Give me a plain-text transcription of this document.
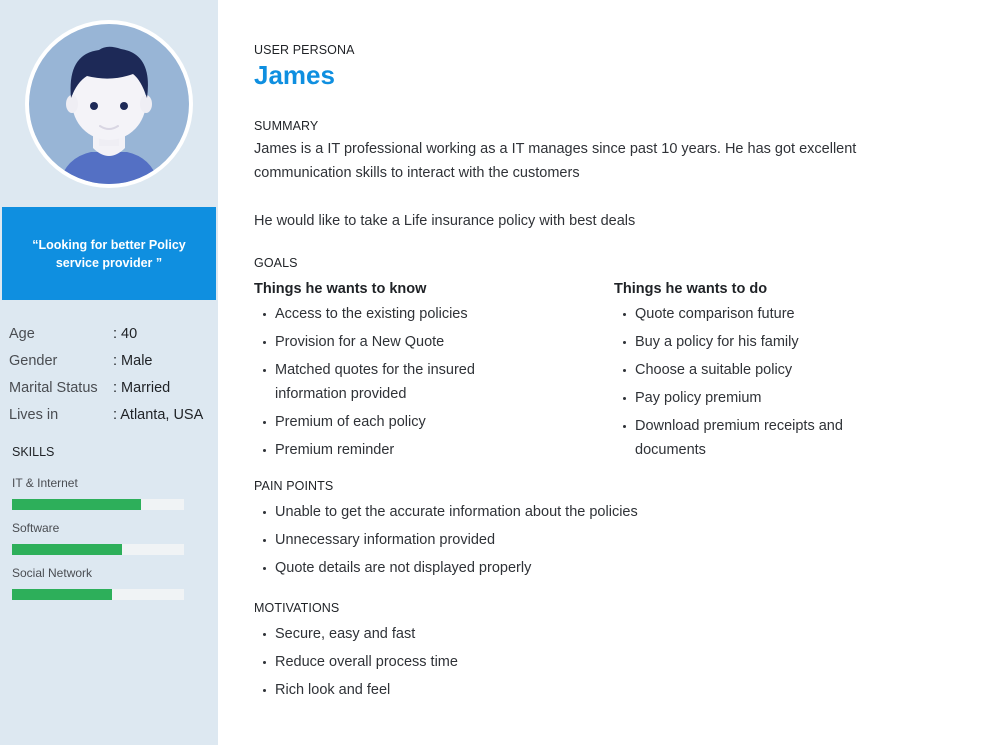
“Looking for better Policy service provider ”
Age	: 40
Gender	: Male
Marital Status	: Married
Lives in	: Atlanta, USA
SKILLS
IT & Internet
Software
Social Network
USER PERSONA
James
SUMMARY
James is a IT professional working as a IT manages since past 10 years. He has got excellent communication skills to interact with the customers
He would like to take a Life insurance policy with best deals
GOALS
Things he wants to know
Access to the existing policies
Provision for a New Quote
Matched quotes for the insured information provided
Premium of each policy
Premium reminder
Things he wants to do
Quote comparison future
Buy a policy for his family
Choose a suitable policy
Pay policy premium
Download premium receipts and documents
PAIN POINTS
Unable to get the accurate information about the policies
Unnecessary information provided
Quote details are not displayed properly
MOTIVATIONS
Secure, easy and fast
Reduce overall process time
Rich look and feel
